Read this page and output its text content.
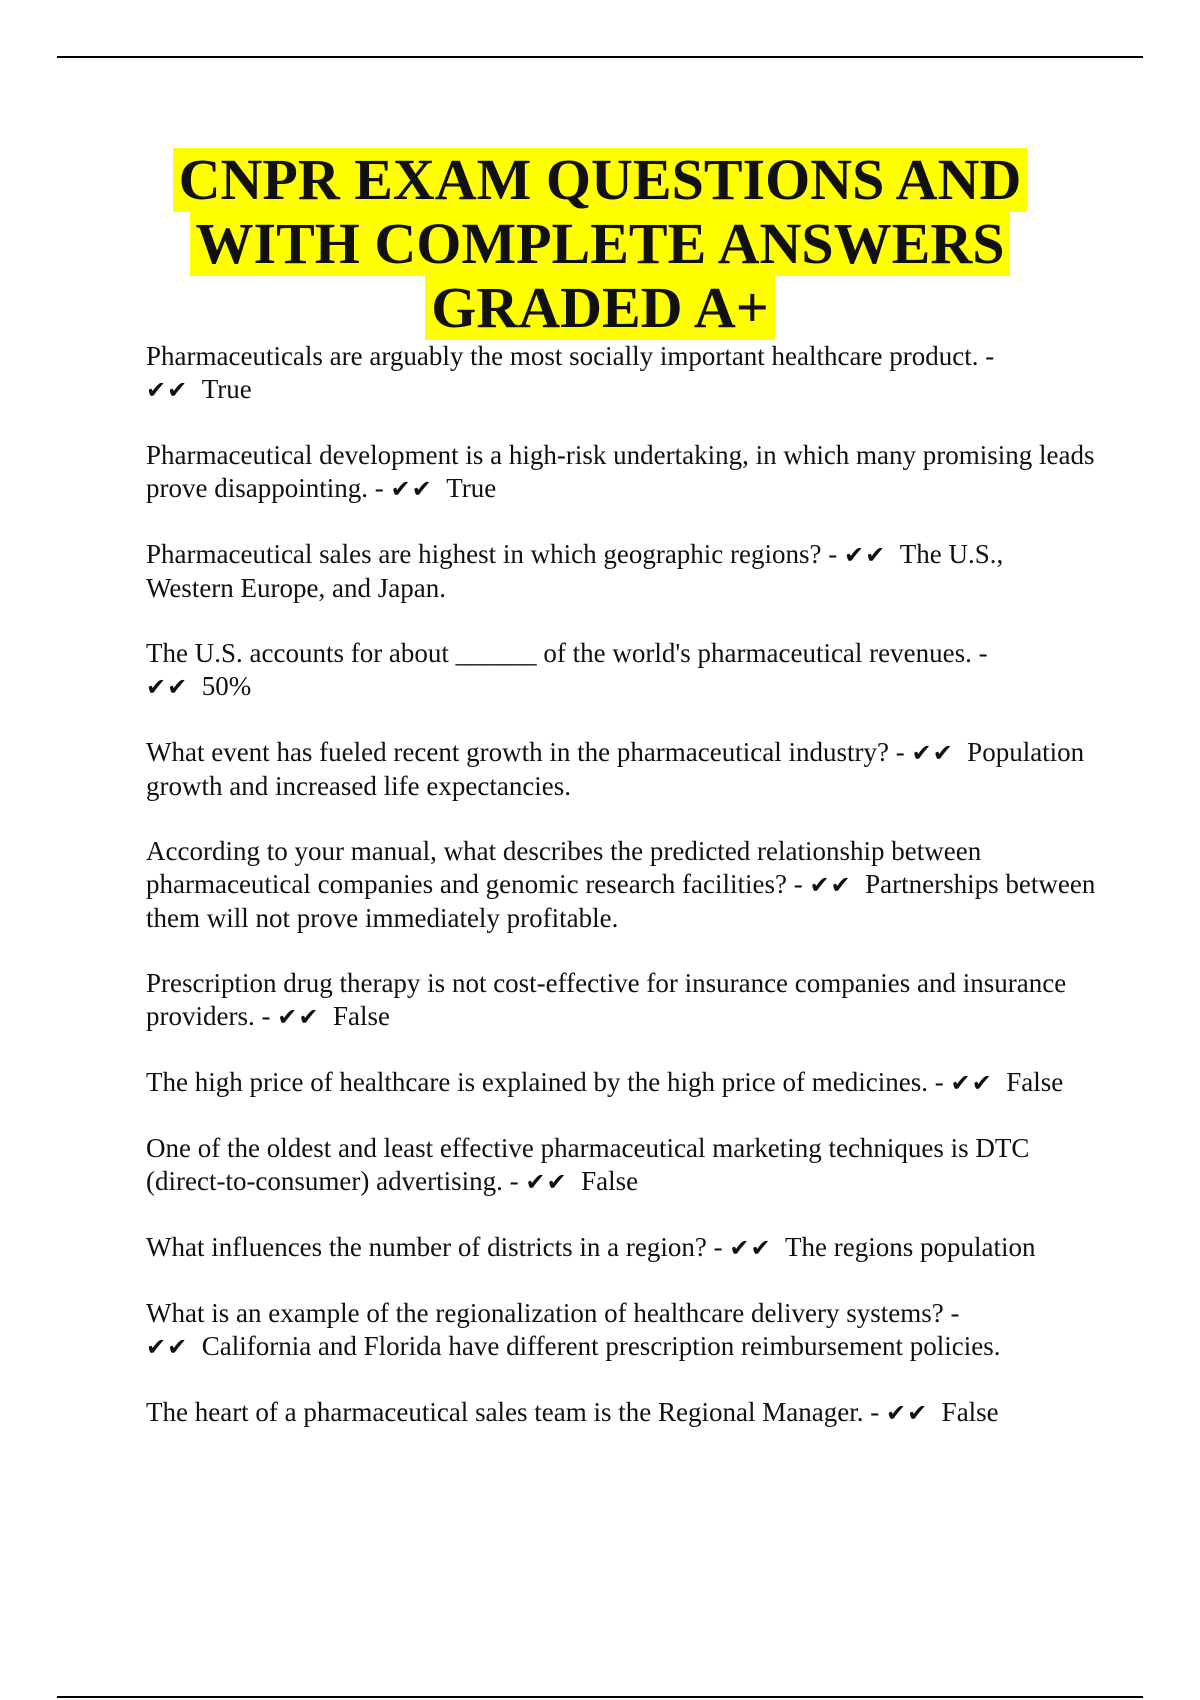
CNPR EXAM QUESTIONS AND
WITH COMPLETE ANSWERS
GRADED A+

Pharmaceuticals are arguably the most socially important healthcare product. - ✔✔ True

Pharmaceutical development is a high-risk undertaking, in which many promising leads prove disappointing. - ✔✔ True

Pharmaceutical sales are highest in which geographic regions? - ✔✔ The U.S., Western Europe, and Japan.

The U.S. accounts for about ______ of the world's pharmaceutical revenues. - ✔✔ 50%

What event has fueled recent growth in the pharmaceutical industry? - ✔✔ Population growth and increased life expectancies.

According to your manual, what describes the predicted relationship between pharmaceutical companies and genomic research facilities? - ✔✔ Partnerships between them will not prove immediately profitable.

Prescription drug therapy is not cost-effective for insurance companies and insurance providers. - ✔✔ False

The high price of healthcare is explained by the high price of medicines. - ✔✔ False

One of the oldest and least effective pharmaceutical marketing techniques is DTC (direct-to-consumer) advertising. - ✔✔ False

What influences the number of districts in a region? - ✔✔ The regions population

What is an example of the regionalization of healthcare delivery systems? - ✔✔ California and Florida have different prescription reimbursement policies.

The heart of a pharmaceutical sales team is the Regional Manager. - ✔✔ False
